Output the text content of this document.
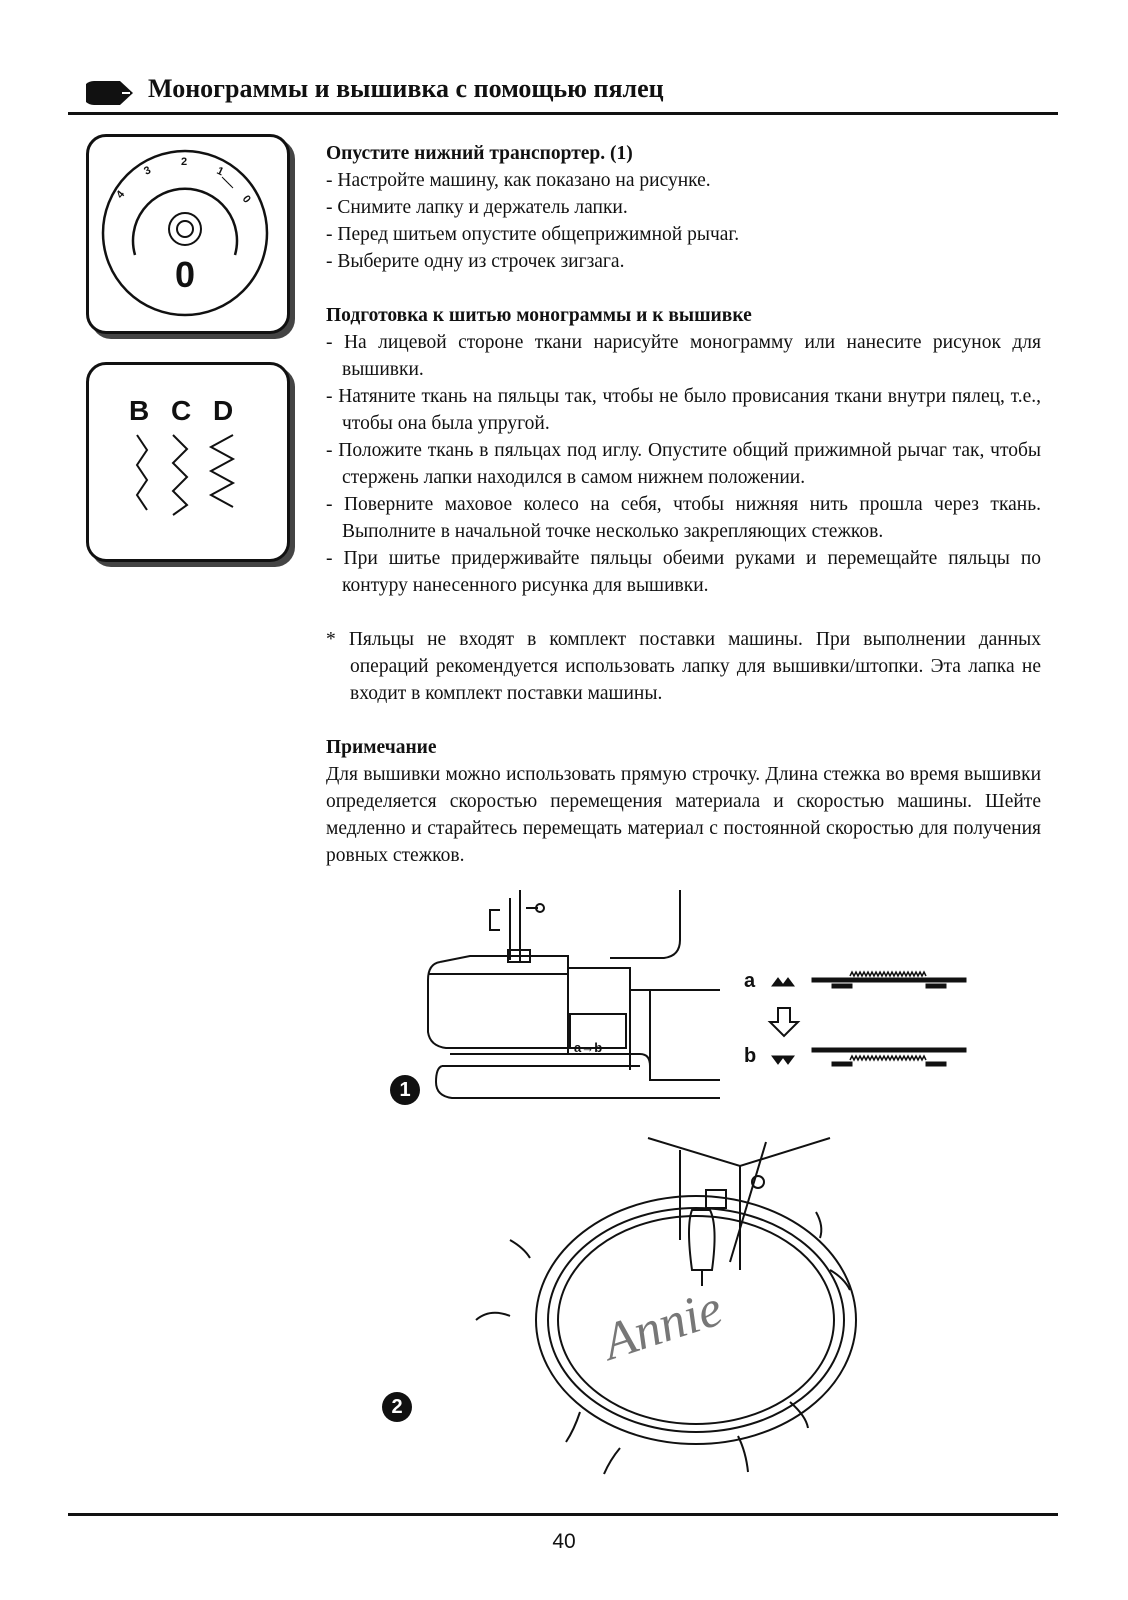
Монограммы и вышивка с помощью пялец
4
3
2
1
0
0
B C D
Опустите нижний транспортер. (1)
- Настройте машину, как показано на рисунке.
- Снимите лапку и держатель лапки.
- Перед шитьем опустите общеприжимной рычаг.
- Выберите одну из строчек зигзага.
Подготовка к шитью монограммы и к вышивке
- На лицевой стороне ткани нарисуйте монограмму или нанесите рисунок для вышивки.
- Натяните ткань на пяльцы так, чтобы не было провисания ткани внутри пялец, т.е., чтобы она была упругой.
- Положите ткань в пяльцах под иглу. Опустите общий прижимной рычаг так, чтобы стержень лапки находился в самом нижнем положении.
- Поверните маховое колесо на себя, чтобы нижняя нить прошла через ткань. Выполните в начальной точке несколько закрепляющих стежков.
- При шитье придерживайте пяльцы обеими руками и перемещайте пяльцы по контуру нанесенного рисунка для вышивки.
* Пяльцы не входят в комплект поставки машины. При выполнении данных операций рекомендуется использовать лапку для вышивки/штопки. Эта лапка не входит в комплект поставки машины.
Примечание
Для вышивки можно использовать прямую строчку. Длина стежка во время вышивки определяется скоростью перемещения материала и скоростью машины. Шейте медленно и старайтесь перемещать материал с постоянной скоростью для получения ровных стежков.
a→b
a
b
1
Annie
2
40
